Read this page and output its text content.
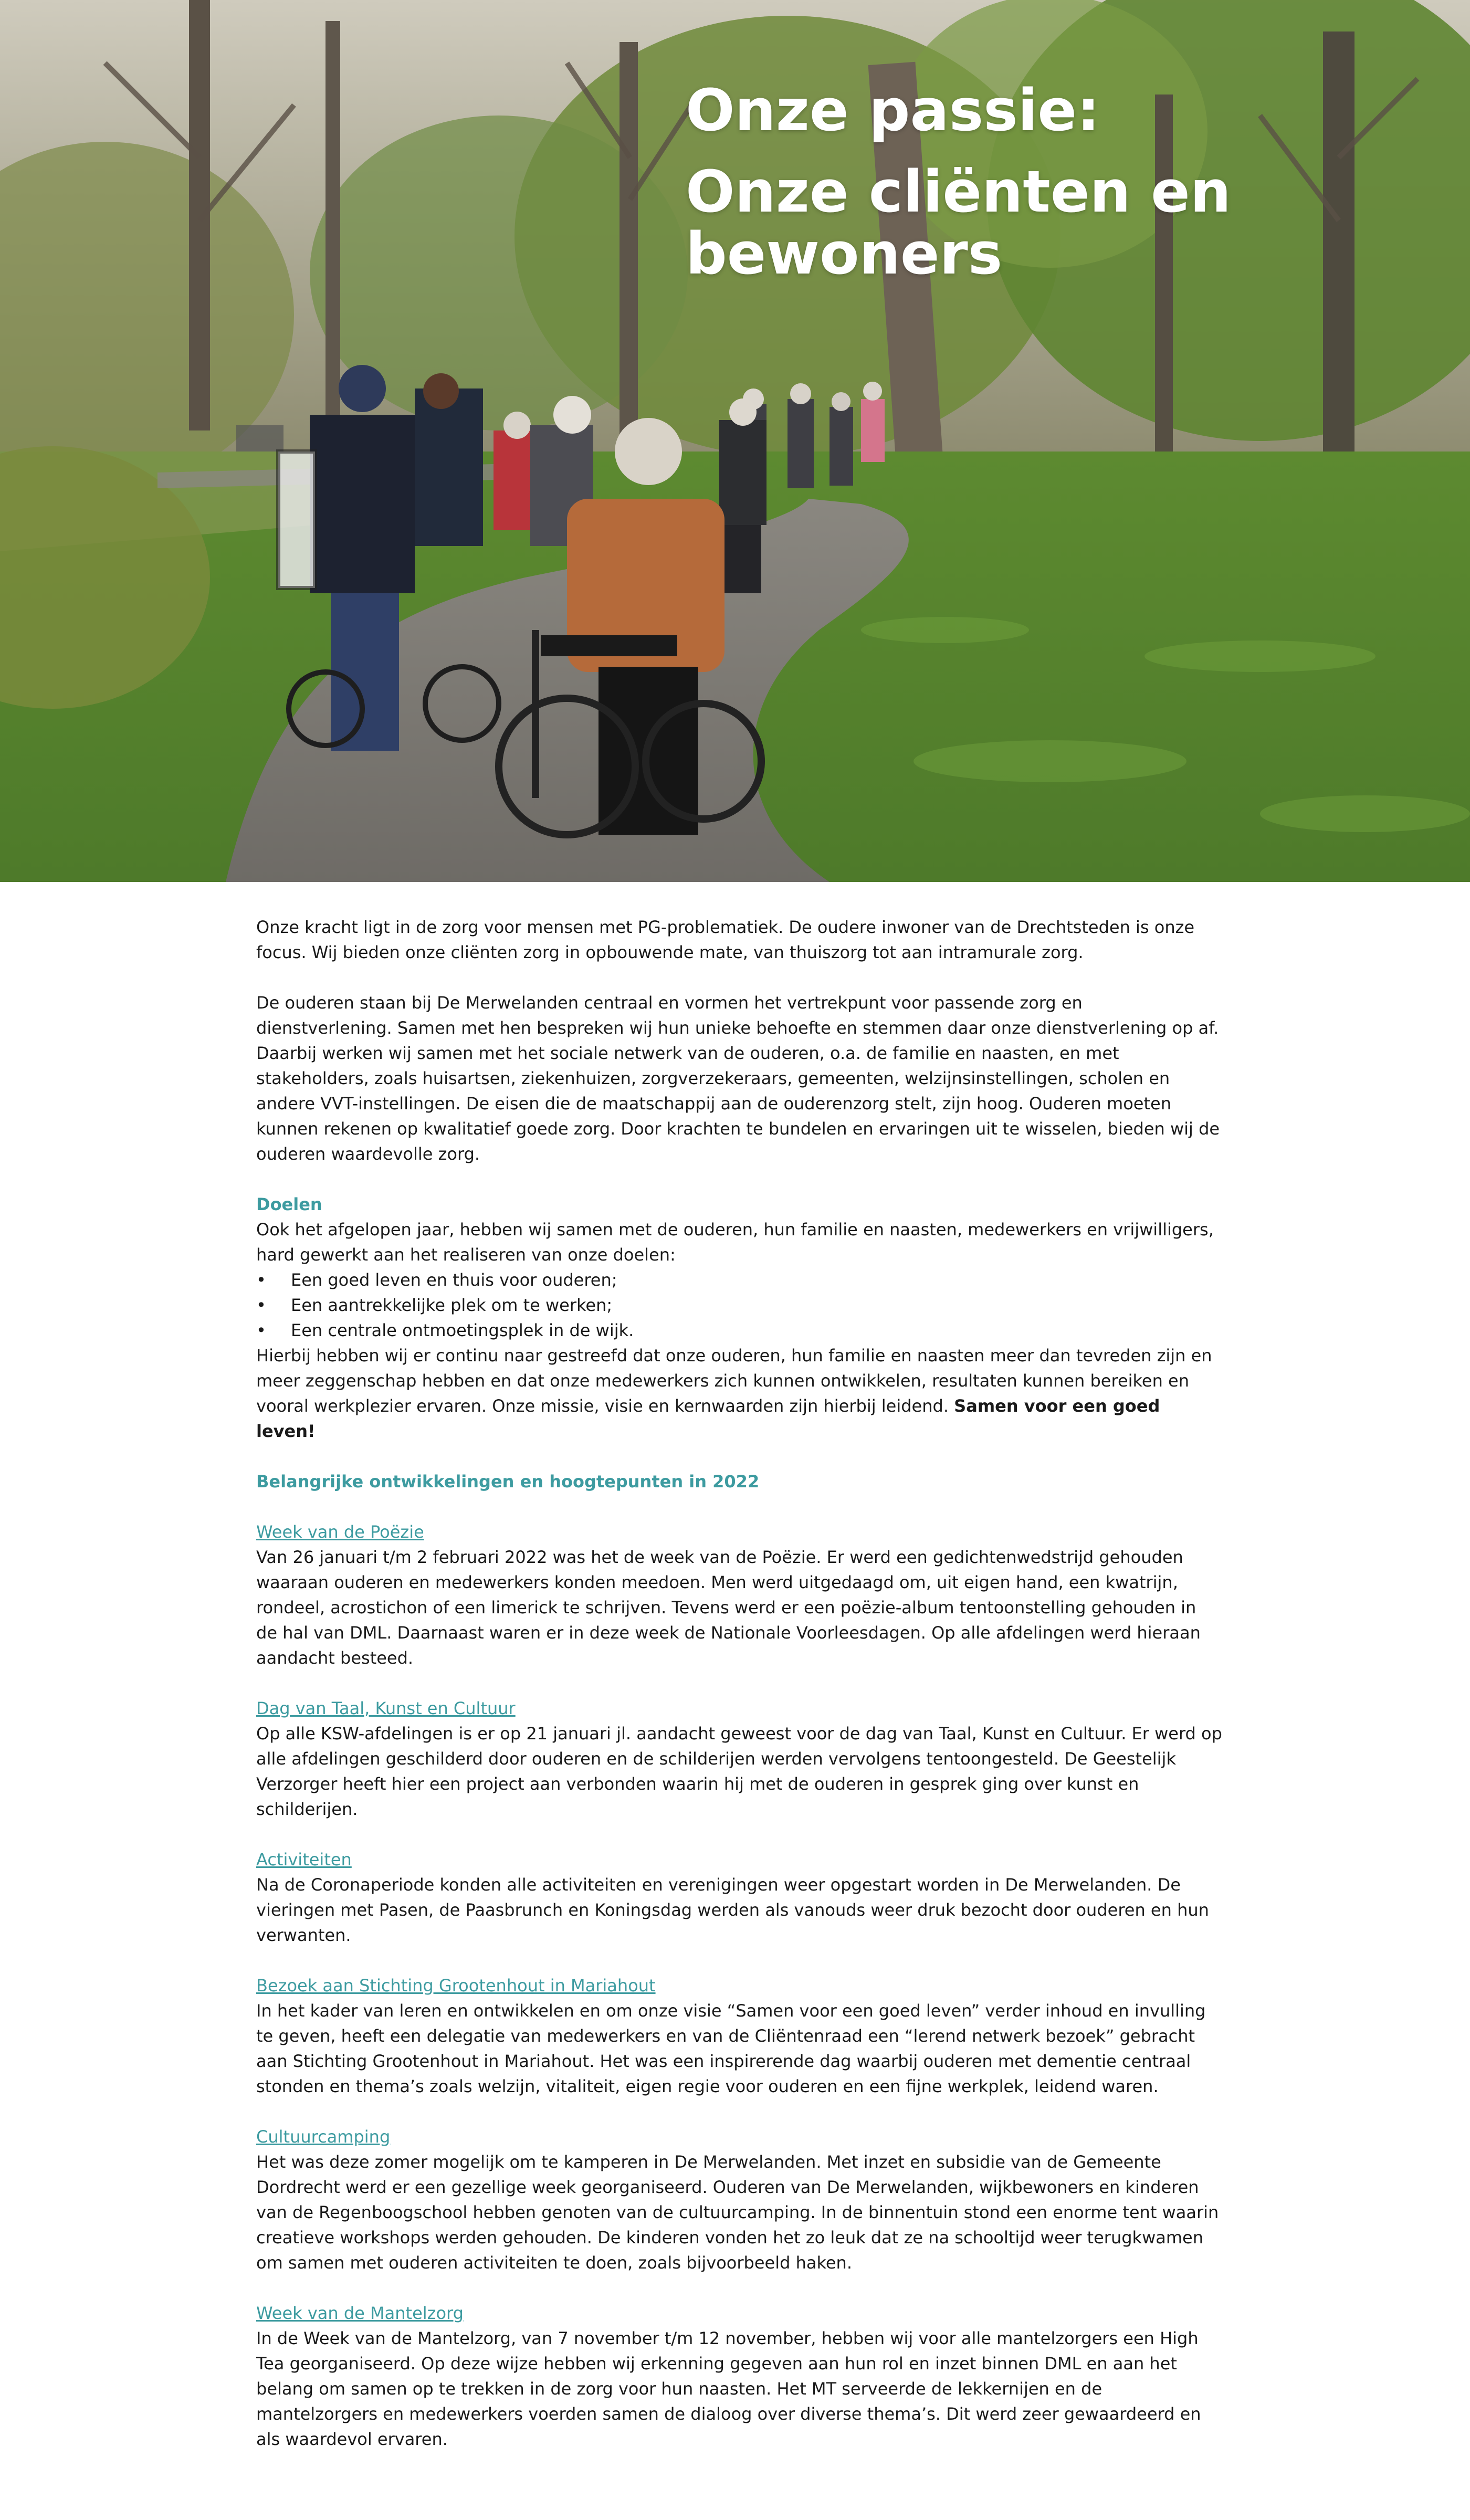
Onze passie:
Onze cliënten en bewoners

Onze kracht ligt in de zorg voor mensen met PG-problematiek. De oudere inwoner van de Drechtsteden is onze focus. Wij bieden onze cliënten zorg in opbouwende mate, van thuiszorg tot aan intramurale zorg.

De ouderen staan bij De Merwelanden centraal en vormen het vertrekpunt voor passende zorg en dienstverlening. Samen met hen bespreken wij hun unieke behoefte en stemmen daar onze dienstverlening op af. Daarbij werken wij samen met het sociale netwerk van de ouderen, o.a. de familie en naasten, en met stakeholders, zoals huisartsen, ziekenhuizen, zorgverzekeraars, gemeenten, welzijnsinstellingen, scholen en andere VVT-instellingen. De eisen die de maatschappij aan de ouderenzorg stelt, zijn hoog. Ouderen moeten kunnen rekenen op kwalitatief goede zorg. Door krachten te bundelen en ervaringen uit te wisselen, bieden wij de ouderen waardevolle zorg.

Doelen

Ook het afgelopen jaar, hebben wij samen met de ouderen, hun familie en naasten, medewerkers en vrijwilligers, hard gewerkt aan het realiseren van onze doelen:

•	Een goed leven en thuis voor ouderen;
•	Een aantrekkelijke plek om te werken;
•	Een centrale ontmoetingsplek in de wijk.

Hierbij hebben wij er continu naar gestreefd dat onze ouderen, hun familie en naasten meer dan tevreden zijn en meer zeggenschap hebben en dat onze medewerkers zich kunnen ontwikkelen, resultaten kunnen bereiken en vooral werkplezier ervaren. Onze missie, visie en kernwaarden zijn hierbij leidend. Samen voor een goed leven!

Belangrijke ontwikkelingen en hoogtepunten in 2022

Week van de Poëzie

Van 26 januari t/m 2 februari 2022 was het de week van de Poëzie. Er werd een gedichtenwedstrijd gehouden waaraan ouderen en medewerkers konden meedoen. Men werd uitgedaagd om, uit eigen hand, een kwatrijn, rondeel, acrostichon of een limerick te schrijven. Tevens werd er een poëzie-album tentoonstelling gehouden in de hal van DML. Daarnaast waren er in deze week de Nationale Voorleesdagen. Op alle afdelingen werd hieraan aandacht besteed.

Dag van Taal, Kunst en Cultuur

Op alle KSW-afdelingen is er op 21 januari jl. aandacht geweest voor de dag van Taal, Kunst en Cultuur. Er werd op alle afdelingen geschilderd door ouderen en de schilderijen werden vervolgens tentoongesteld. De Geestelijk Verzorger heeft hier een project aan verbonden waarin hij met de ouderen in gesprek ging over kunst en schilderijen.

Activiteiten

Na de Coronaperiode konden alle activiteiten en verenigingen weer opgestart worden in De Merwelanden. De vieringen met Pasen, de Paasbrunch en Koningsdag werden als vanouds weer druk bezocht door ouderen en hun verwanten.

Bezoek aan Stichting Grootenhout in Mariahout

In het kader van leren en ontwikkelen en om onze visie “Samen voor een goed leven” verder inhoud en invulling te geven, heeft een delegatie van medewerkers en van de Cliëntenraad een “lerend netwerk bezoek” gebracht aan Stichting Grootenhout in Mariahout. Het was een inspirerende dag waarbij ouderen met dementie centraal stonden en thema’s zoals welzijn, vitaliteit, eigen regie voor ouderen en een fijne werkplek, leidend waren.

Cultuurcamping

Het was deze zomer mogelijk om te kamperen in De Merwelanden. Met inzet en subsidie van de Gemeente Dordrecht werd er een gezellige week georganiseerd. Ouderen van De Merwelanden, wijkbewoners en kinderen van de Regenboogschool hebben genoten van de cultuurcamping. In de binnentuin stond een enorme tent waarin creatieve workshops werden gehouden. De kinderen vonden het zo leuk dat ze na schooltijd weer terugkwamen om samen met ouderen activiteiten te doen, zoals bijvoorbeeld haken.

Week van de Mantelzorg

In de Week van de Mantelzorg, van 7 november t/m 12 november, hebben wij voor alle mantelzorgers een High Tea georganiseerd. Op deze wijze hebben wij erkenning gegeven aan hun rol en inzet binnen DML en aan het belang om samen op te trekken in de zorg voor hun naasten. Het MT serveerde de lekkernijen en de mantelzorgers en medewerkers voerden samen de dialoog over diverse thema’s. Dit werd zeer gewaardeerd en als waardevol ervaren.
